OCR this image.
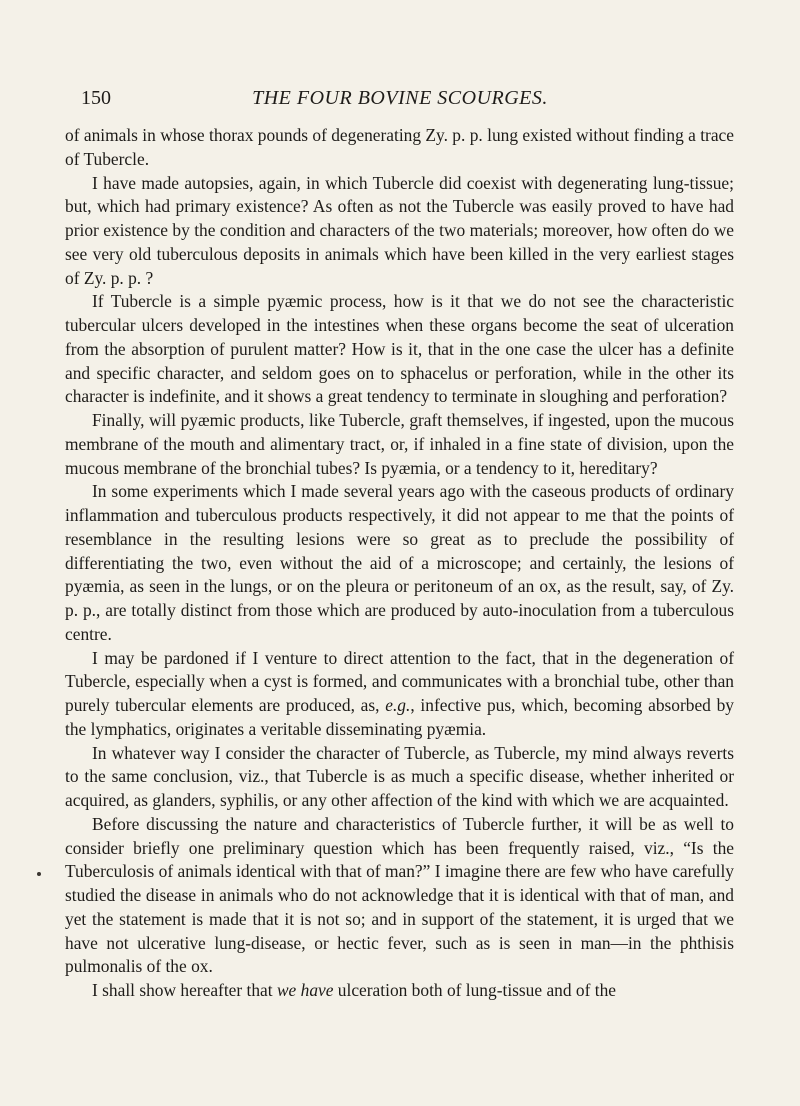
150	THE FOUR BOVINE SCOURGES.

of animals in whose thorax pounds of degenerating Zy. p. p. lung existed without finding a trace of Tubercle.

I have made autopsies, again, in which Tubercle did coexist with degenerating lung-tissue; but, which had primary existence? As often as not the Tubercle was easily proved to have had prior existence by the condition and characters of the two materials; moreover, how often do we see very old tuberculous deposits in animals which have been killed in the very earliest stages of Zy. p. p. ?

If Tubercle is a simple pyæmic process, how is it that we do not see the characteristic tubercular ulcers developed in the intestines when these organs become the seat of ulceration from the absorption of purulent matter? How is it, that in the one case the ulcer has a definite and specific character, and seldom goes on to sphacelus or perforation, while in the other its character is indefinite, and it shows a great tendency to terminate in sloughing and perforation?

Finally, will pyæmic products, like Tubercle, graft themselves, if ingested, upon the mucous membrane of the mouth and alimentary tract, or, if inhaled in a fine state of division, upon the mucous membrane of the bronchial tubes? Is pyæmia, or a tendency to it, hereditary?

In some experiments which I made several years ago with the caseous products of ordinary inflammation and tuberculous products respectively, it did not appear to me that the points of resemblance in the resulting lesions were so great as to preclude the possibility of differentiating the two, even without the aid of a microscope; and certainly, the lesions of pyæmia, as seen in the lungs, or on the pleura or peritoneum of an ox, as the result, say, of Zy. p. p., are totally distinct from those which are produced by auto-inoculation from a tuberculous centre.

I may be pardoned if I venture to direct attention to the fact, that in the degeneration of Tubercle, especially when a cyst is formed, and communicates with a bronchial tube, other than purely tubercular elements are produced, as, e.g., infective pus, which, becoming absorbed by the lymphatics, originates a veritable disseminating pyæmia.

In whatever way I consider the character of Tubercle, as Tubercle, my mind always reverts to the same conclusion, viz., that Tubercle is as much a specific disease, whether inherited or acquired, as glanders, syphilis, or any other affection of the kind with which we are acquainted.

Before discussing the nature and characteristics of Tubercle further, it will be as well to consider briefly one preliminary question which has been frequently raised, viz., “Is the Tuberculosis of animals identical with that of man?” I imagine there are few who have carefully studied the disease in animals who do not acknowledge that it is identical with that of man, and yet the statement is made that it is not so; and in support of the statement, it is urged that we have not ulcerative lung-disease, or hectic fever, such as is seen in man—in the phthisis pulmonalis of the ox.

I shall show hereafter that we have ulceration both of lung-tissue and of the
